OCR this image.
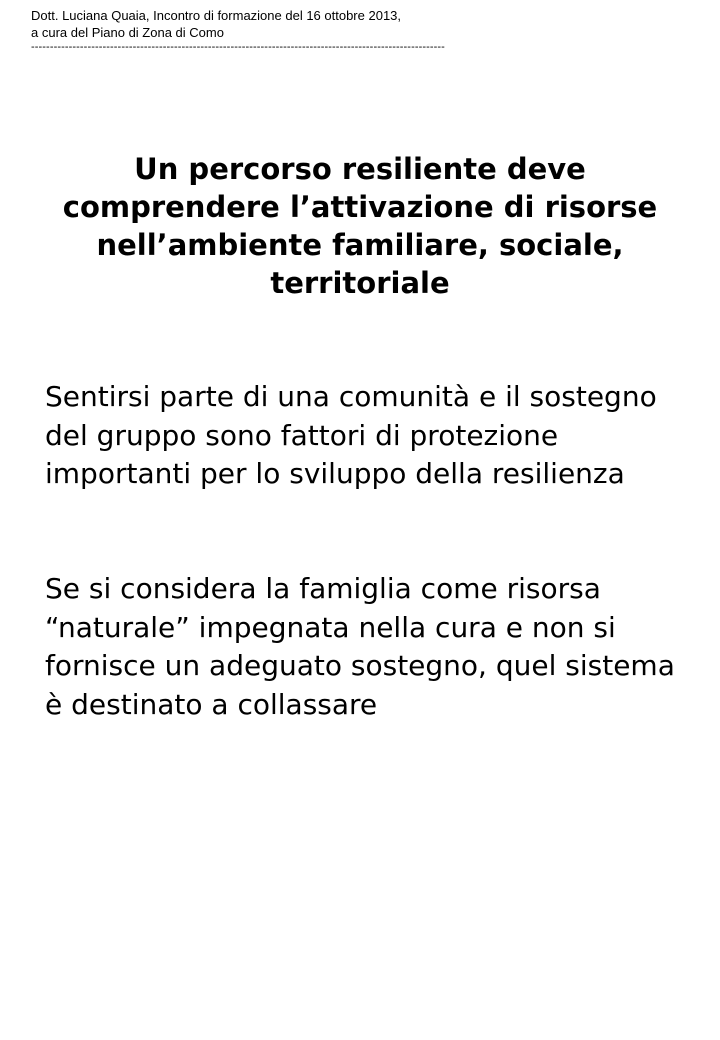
Dott. Luciana Quaia, Incontro di formazione del 16 ottobre 2013,
a cura del Piano di Zona di Como
--------------------------------------------------------------------------------------------------------------
Un percorso resiliente deve comprendere l’attivazione di risorse nell’ambiente familiare, sociale, territoriale

Sentirsi parte di una comunità e il sostegno del gruppo sono fattori di protezione importanti per lo sviluppo della resilienza

Se si considera la famiglia come risorsa “naturale” impegnata nella cura e non si fornisce un adeguato sostegno, quel sistema è destinato a collassare
